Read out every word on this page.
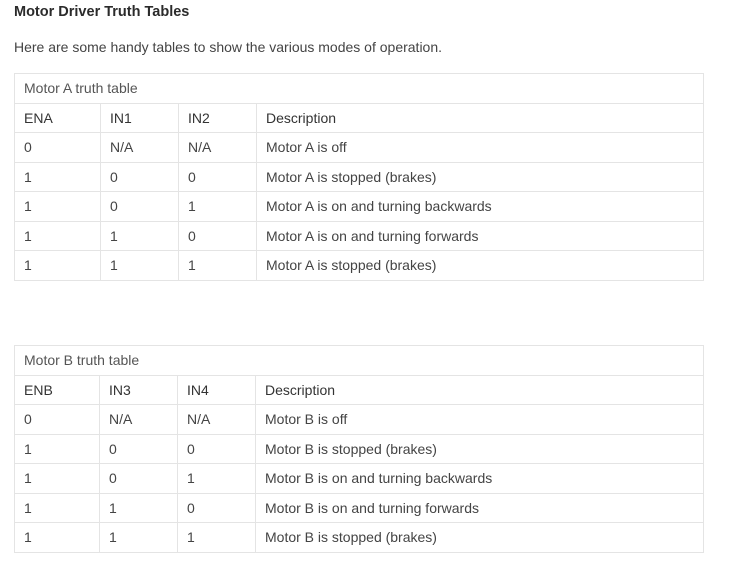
Motor Driver Truth Tables

Here are some handy tables to show the various modes of operation.

Motor A truth table			
ENA	IN1	IN2	Description
0	N/A	N/A	Motor A is off
1	0	0	Motor A is stopped (brakes)
1	0	1	Motor A is on and turning backwards
1	1	0	Motor A is on and turning forwards
1	1	1	Motor A is stopped (brakes)
Motor B truth table			
ENB	IN3	IN4	Description
0	N/A	N/A	Motor B is off
1	0	0	Motor B is stopped (brakes)
1	0	1	Motor B is on and turning backwards
1	1	0	Motor B is on and turning forwards
1	1	1	Motor B is stopped (brakes)
